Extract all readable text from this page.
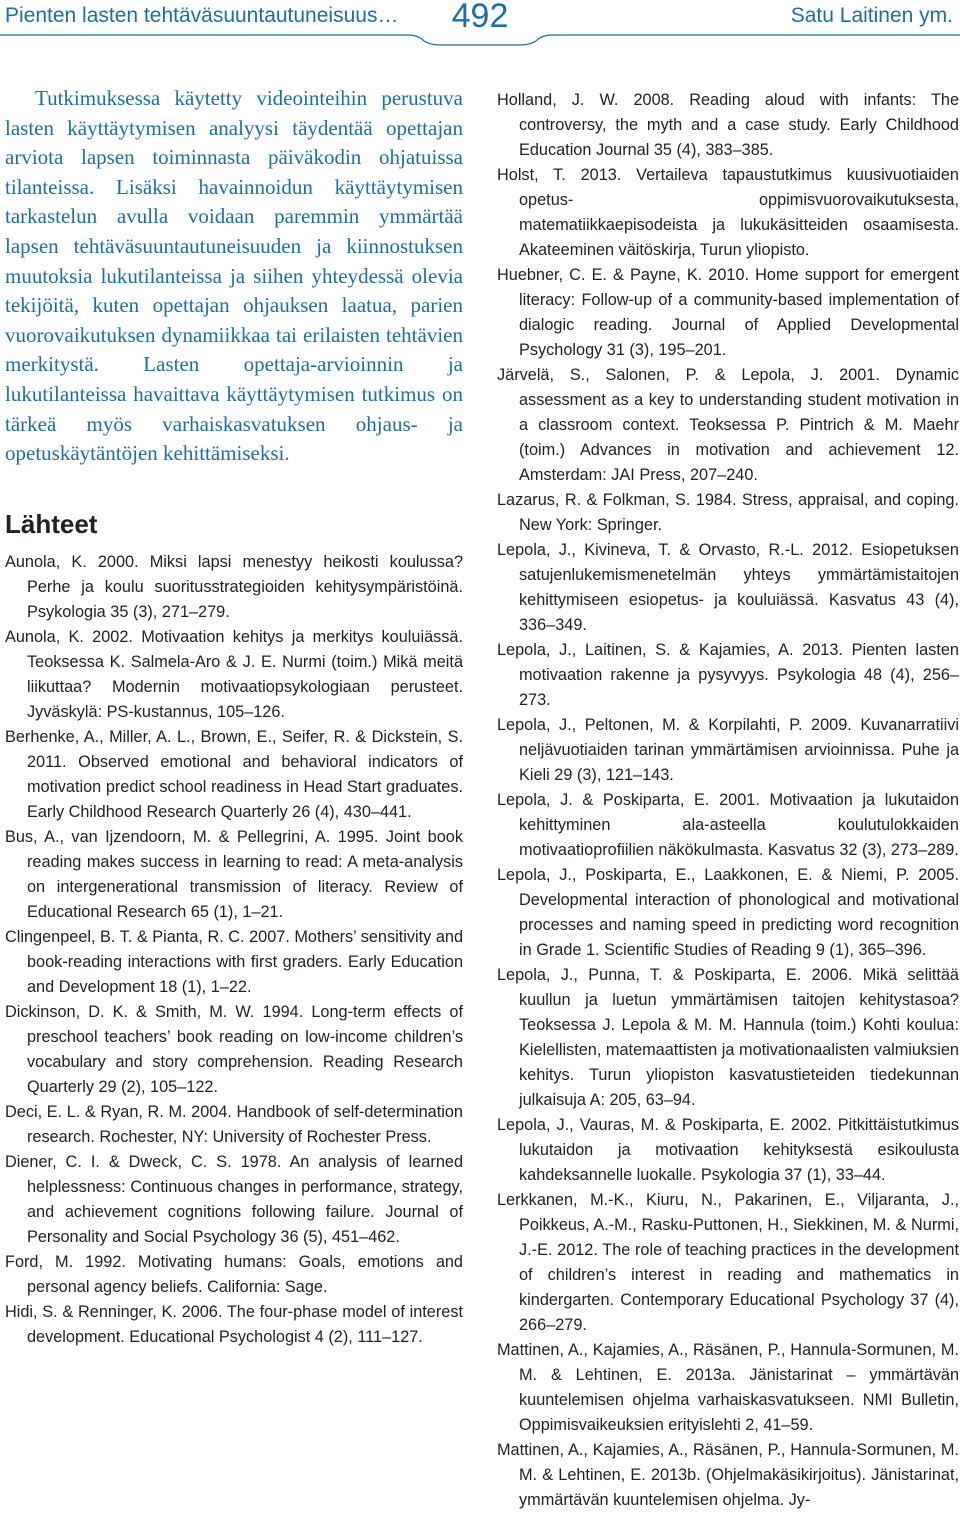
Pienten lasten tehtäväsuuntautuneisuus…	492	Satu Laitinen ym.

Tutkimuksessa käytetty videointeihin perustuva lasten käyttäytymisen analyysi täydentää opettajan arviota lapsen toiminnasta päiväkodin ohjatuissa tilanteissa. Lisäksi havainnoidun käyttäytymisen tarkastelun avulla voidaan paremmin ymmärtää lapsen tehtäväsuuntautuneisuuden ja kiinnostuksen muutoksia lukutilanteissa ja siihen yhteydessä olevia tekijöitä, kuten opettajan ohjauksen laatua, parien vuorovaikutuksen dynamiikkaa tai erilaisten tehtävien merkitystä. Lasten opettaja-arvioinnin ja lukutilanteissa havaittava käyttäytymisen tutkimus on tärkeä myös varhaiskasvatuksen ohjaus- ja opetuskäytäntöjen kehittämiseksi.

Lähteet

Aunola, K. 2000. Miksi lapsi menestyy heikosti koulussa? Perhe ja koulu suoritusstrategioiden kehitysympäristöinä. Psykologia 35 (3), 271–279.

Aunola, K. 2002. Motivaation kehitys ja merkitys kouluiässä. Teoksessa K. Salmela-Aro & J. E. Nurmi (toim.) Mikä meitä liikuttaa? Modernin motivaatiopsykologiaan perusteet. Jyväskylä: PS-kustannus, 105–126.

Berhenke, A., Miller, A. L., Brown, E., Seifer, R. & Dickstein, S. 2011. Observed emotional and behavioral indicators of motivation predict school readiness in Head Start graduates. Early Childhood Research Quarterly 26 (4), 430–441.

Bus, A., van Ijzendoorn, M. & Pellegrini, A. 1995. Joint book reading makes success in learning to read: A meta-analysis on intergenerational transmission of literacy. Review of Educational Research 65 (1), 1–21.

Clingenpeel, B. T. & Pianta, R. C. 2007. Mothers’ sensitivity and book-reading interactions with first graders. Early Education and Development 18 (1), 1–22.

Dickinson, D. K. & Smith, M. W. 1994. Long-term effects of preschool teachers’ book reading on low-income children’s vocabulary and story comprehension. Reading Research Quarterly 29 (2), 105–122.

Deci, E. L. & Ryan, R. M. 2004. Handbook of self-determination research. Rochester, NY: University of Rochester Press.

Diener, C. I. & Dweck, C. S. 1978. An analysis of learned helplessness: Continuous changes in performance, strategy, and achievement cognitions following failure. Journal of Personality and Social Psychology 36 (5), 451–462.

Ford, M. 1992. Motivating humans: Goals, emotions and personal agency beliefs. California: Sage.

Hidi, S. & Renninger, K. 2006. The four-phase model of interest development. Educational Psychologist 4 (2), 111–127.

Holland, J. W. 2008. Reading aloud with infants: The controversy, the myth and a case study. Early Childhood Education Journal 35 (4), 383–385.

Holst, T. 2013. Vertaileva tapaustutkimus kuusivuotiaiden opetus- oppimisvuorovaikutuksesta, matematiikkaepisodeista ja lukukäsitteiden osaamisesta. Akateeminen väitöskirja, Turun yliopisto.

Huebner, C. E. & Payne, K. 2010. Home support for emergent literacy: Follow-up of a community-based implementation of dialogic reading. Journal of Applied Developmental Psychology 31 (3), 195–201.

Järvelä, S., Salonen, P. & Lepola, J. 2001. Dynamic assessment as a key to understanding student motivation in a classroom context. Teoksessa P. Pintrich & M. Maehr (toim.) Advances in motivation and achievement 12. Amsterdam: JAI Press, 207–240.

Lazarus, R. & Folkman, S. 1984. Stress, appraisal, and coping. New York: Springer.

Lepola, J., Kivineva, T. & Orvasto, R.-L. 2012. Esiopetuksen satujenlukemismenetelmän yhteys ymmärtämistaitojen kehittymiseen esiopetus- ja kouluiässä. Kasvatus 43 (4), 336–349.

Lepola, J., Laitinen, S. & Kajamies, A. 2013. Pienten lasten motivaation rakenne ja pysyvyys. Psykologia 48 (4), 256–273.

Lepola, J., Peltonen, M. & Korpilahti, P. 2009. Kuvanarratiivi neljävuotiaiden tarinan ymmärtämisen arvioinnissa. Puhe ja Kieli 29 (3), 121–143.

Lepola, J. & Poskiparta, E. 2001. Motivaation ja lukutaidon kehittyminen ala-asteella koulutulokkaiden motivaatioprofiilien näkökulmasta. Kasvatus 32 (3), 273–289.

Lepola, J., Poskiparta, E., Laakkonen, E. & Niemi, P. 2005. Developmental interaction of phonological and motivational processes and naming speed in predicting word recognition in Grade 1. Scientific Studies of Reading 9 (1), 365–396.

Lepola, J., Punna, T. & Poskiparta, E. 2006. Mikä selittää kuullun ja luetun ymmärtämisen taitojen kehitystasoa? Teoksessa J. Lepola & M. M. Hannula (toim.) Kohti koulua: Kielellisten, matemaattisten ja motivationaalisten valmiuksien kehitys. Turun yliopiston kasvatustieteiden tiedekunnan julkaisuja A: 205, 63–94.

Lepola, J., Vauras, M. & Poskiparta, E. 2002. Pitkittäistutkimus lukutaidon ja motivaation kehityksestä esikoulusta kahdeksannelle luokalle. Psykologia 37 (1), 33–44.

Lerkkanen, M.-K., Kiuru, N., Pakarinen, E., Viljaranta, J., Poikkeus, A.-M., Rasku-Puttonen, H., Siekkinen, M. & Nurmi, J.-E. 2012. The role of teaching practices in the development of children’s interest in reading and mathematics in kindergarten. Contemporary Educational Psychology 37 (4), 266–279.

Mattinen, A., Kajamies, A., Räsänen, P., Hannula-Sormunen, M. M. & Lehtinen, E. 2013a. Jänistarinat – ymmärtävän kuuntelemisen ohjelma varhaiskasvatukseen. NMI Bulletin, Oppimisvaikeuksien erityislehti 2, 41–59.

Mattinen, A., Kajamies, A., Räsänen, P., Hannula-Sormunen, M. M. & Lehtinen, E. 2013b. (Ohjelmakäsikirjoitus). Jänistarinat, ymmärtävän kuuntelemisen ohjelma. Jy-
